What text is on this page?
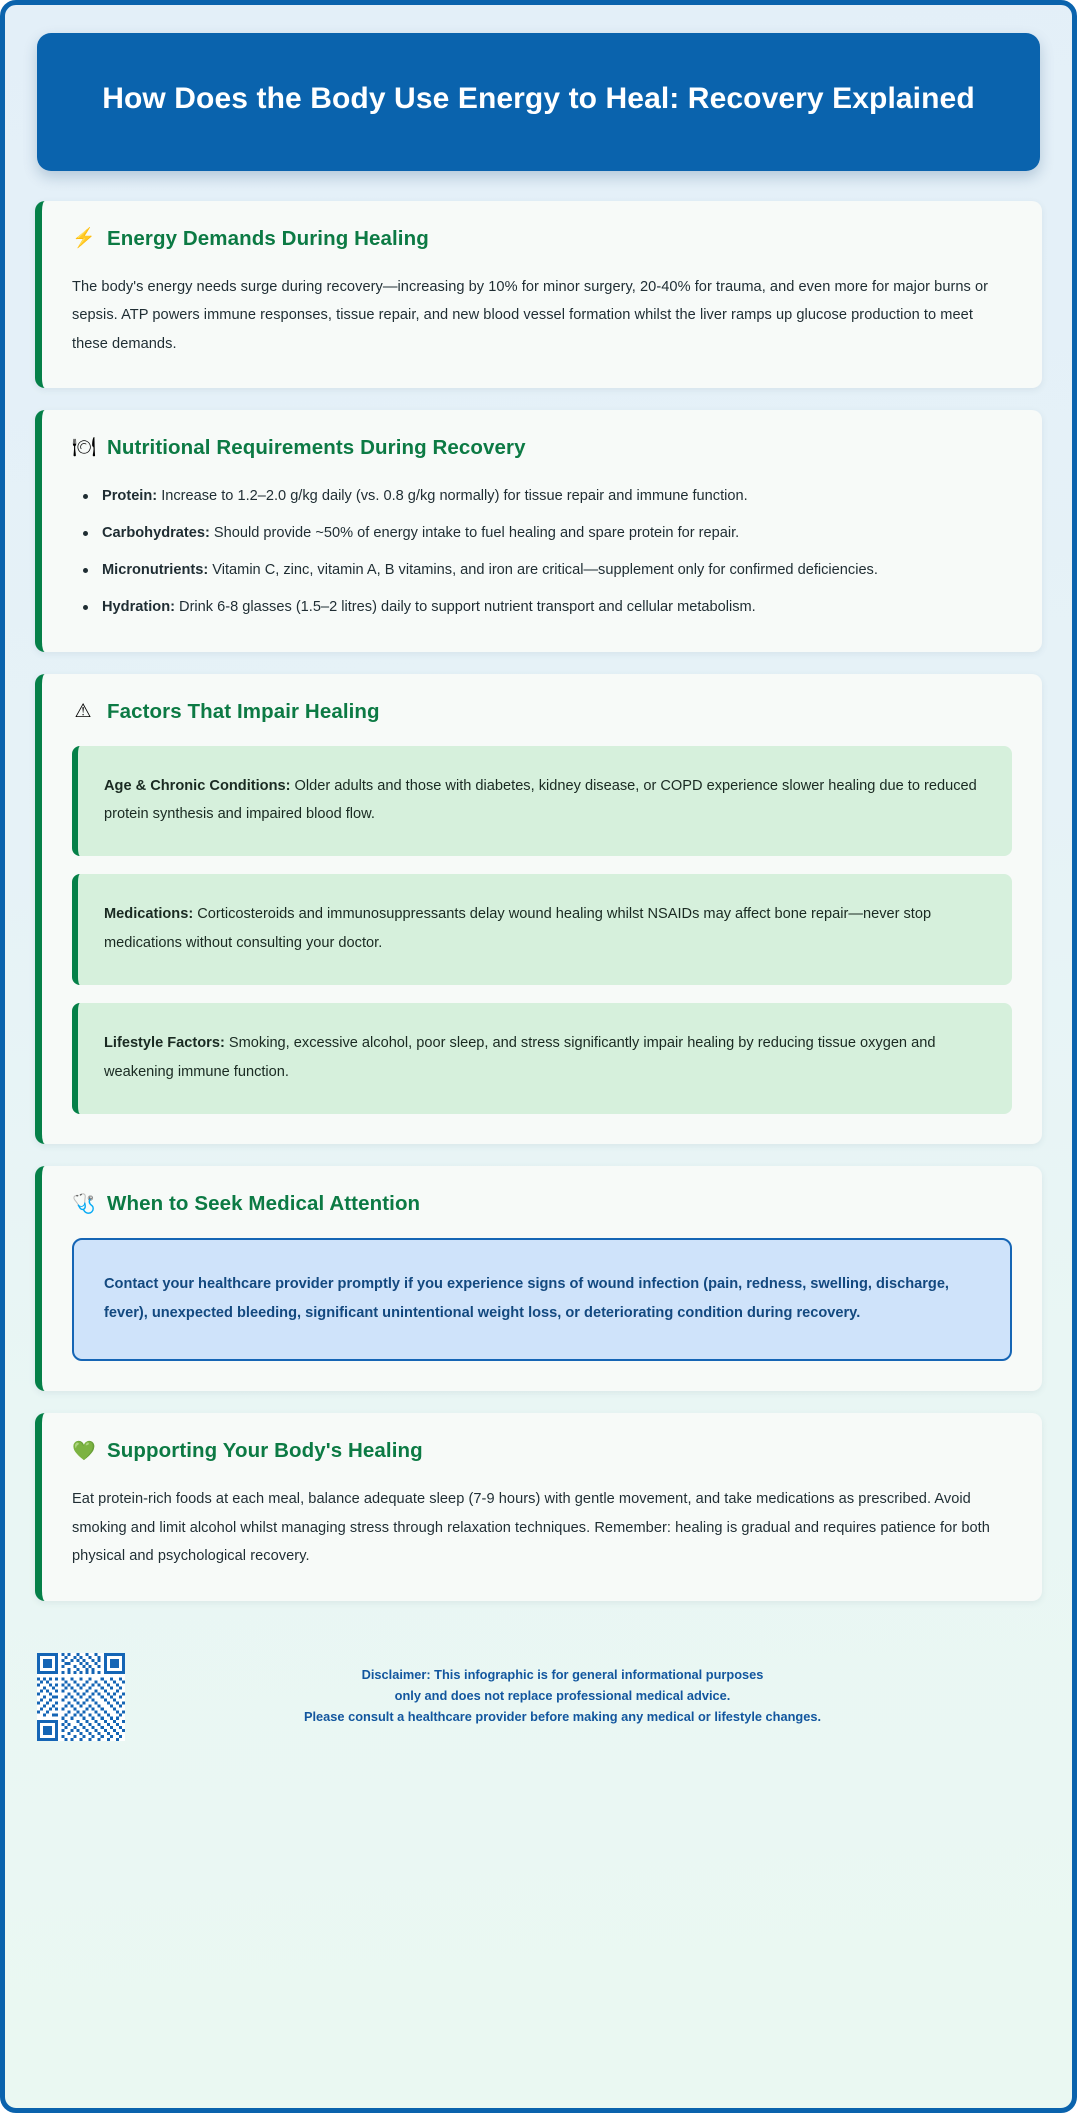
How Does the Body Use Energy to Heal: Recovery Explained
⚡ Energy Demands During Healing

The body's energy needs surge during recovery—increasing by 10% for minor surgery, 20-40% for trauma, and even more for major burns or sepsis. ATP powers immune responses, tissue repair, and new blood vessel formation whilst the liver ramps up glucose production to meet these demands.

🍽 Nutritional Requirements During Recovery
Protein: Increase to 1.2–2.0 g/kg daily (vs. 0.8 g/kg normally) for tissue repair and immune function.
Carbohydrates: Should provide ~50% of energy intake to fuel healing and spare protein for repair.
Micronutrients: Vitamin C, zinc, vitamin A, B vitamins, and iron are critical—supplement only for confirmed deficiencies.
Hydration: Drink 6-8 glasses (1.5–2 litres) daily to support nutrient transport and cellular metabolism.
⚠ Factors That Impair Healing

Age & Chronic Conditions: Older adults and those with diabetes, kidney disease, or COPD experience slower healing due to reduced protein synthesis and impaired blood flow.

Medications: Corticosteroids and immunosuppressants delay wound healing whilst NSAIDs may affect bone repair—never stop medications without consulting your doctor.

Lifestyle Factors: Smoking, excessive alcohol, poor sleep, and stress significantly impair healing by reducing tissue oxygen and weakening immune function.

🩺 When to Seek Medical Attention

Contact your healthcare provider promptly if you experience signs of wound infection (pain, redness, swelling, discharge, fever), unexpected bleeding, significant unintentional weight loss, or deteriorating condition during recovery.

💚 Supporting Your Body's Healing

Eat protein-rich foods at each meal, balance adequate sleep (7-9 hours) with gentle movement, and take medications as prescribed. Avoid smoking and limit alcohol whilst managing stress through relaxation techniques. Remember: healing is gradual and requires patience for both physical and psychological recovery.

Disclaimer: This infographic is for general informational purposes
only and does not replace professional medical advice.
Please consult a healthcare provider before making any medical or lifestyle changes.
